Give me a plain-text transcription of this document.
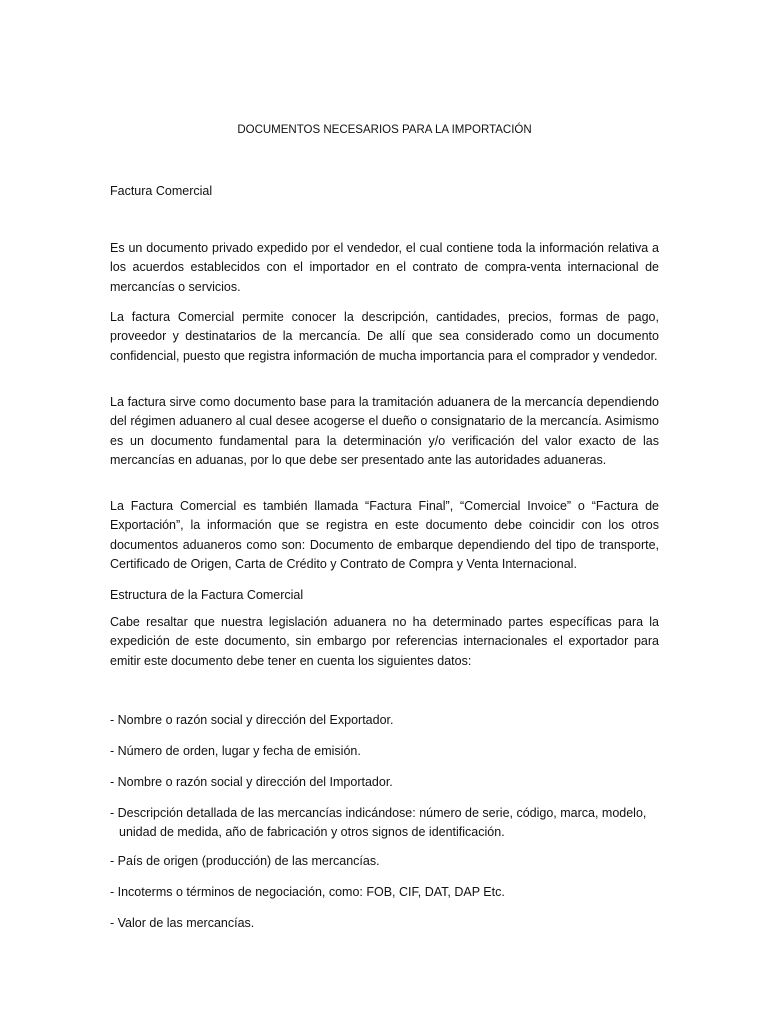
DOCUMENTOS NECESARIOS PARA LA IMPORTACIÓN
Factura Comercial

Es un documento privado expedido por el vendedor, el cual contiene toda la información relativa a los acuerdos establecidos con el importador en el contrato de compra-venta internacional de mercancías o servicios.

La factura Comercial permite conocer la descripción, cantidades, precios, formas de pago, proveedor y destinatarios de la mercancía. De allí que sea considerado como un documento confidencial, puesto que registra información de mucha importancia para el comprador y vendedor.

La factura sirve como documento base para la tramitación aduanera de la mercancía dependiendo del régimen aduanero al cual desee acogerse el dueño o consignatario de la mercancía. Asimismo es un documento fundamental para la determinación y/o verificación del valor exacto de las mercancías en aduanas, por lo que debe ser presentado ante las autoridades aduaneras.

La Factura Comercial es también llamada “Factura Final”, “Comercial Invoice” o “Factura de Exportación”, la información que se registra en este documento debe coincidir con los otros documentos aduaneros como son: Documento de embarque dependiendo del tipo de transporte, Certificado de Origen, Carta de Crédito y Contrato de Compra y Venta Internacional.

Estructura de la Factura Comercial

Cabe resaltar que nuestra legislación aduanera no ha determinado partes específicas para la expedición de este documento, sin embargo por referencias internacionales el exportador para emitir este documento debe tener en cuenta los siguientes datos:

- Nombre o razón social y dirección del Exportador.
- Número de orden, lugar y fecha de emisión.
- Nombre o razón social y dirección del Importador.
- Descripción detallada de las mercancías indicándose: número de serie, código, marca, modelo, unidad de medida, año de fabricación y otros signos de identificación.
- País de origen (producción) de las mercancías.
- Incoterms o términos de negociación, como: FOB, CIF, DAT, DAP Etc.
- Valor de las mercancías.
